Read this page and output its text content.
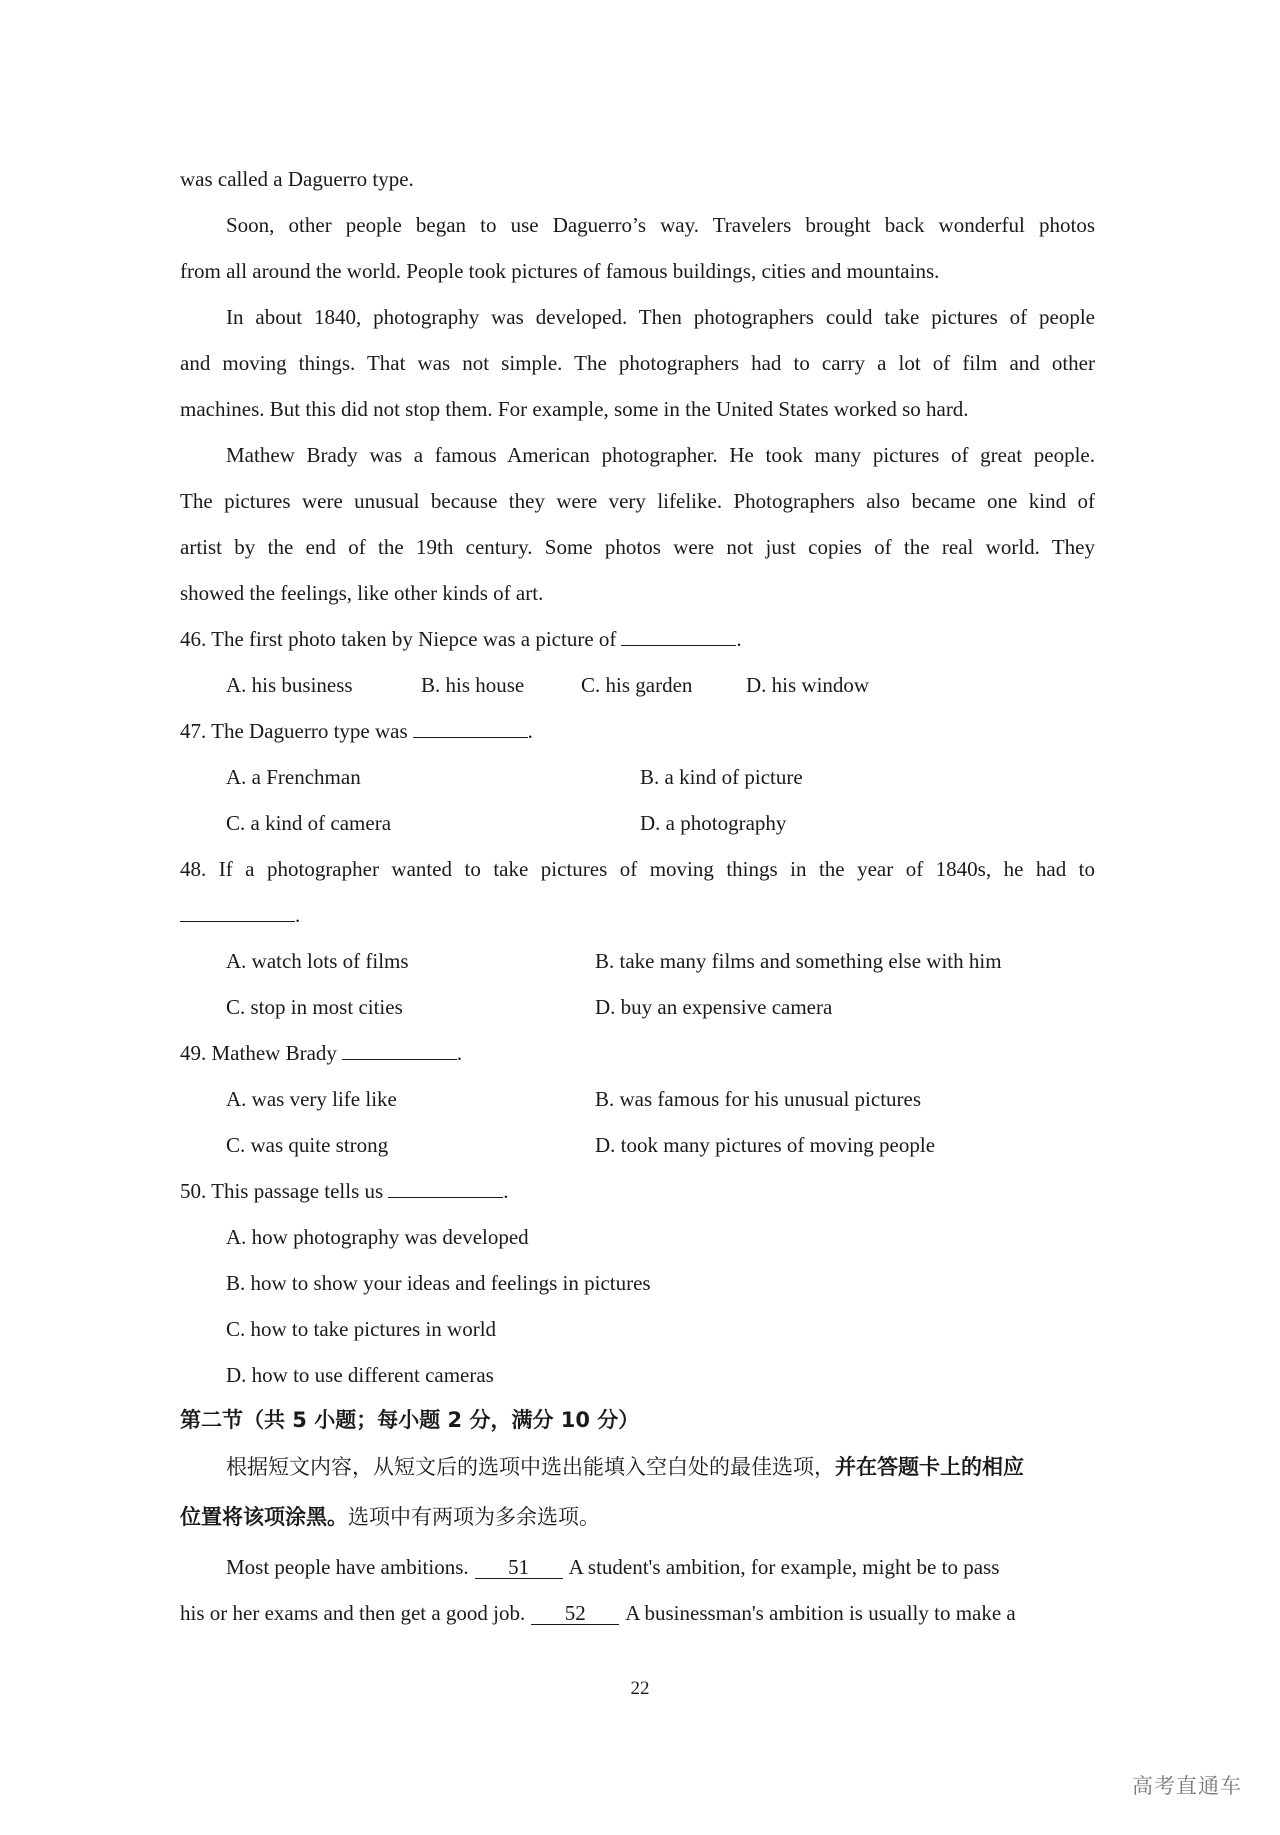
was called a Daguerro type.
Soon, other people began to use Daguerro’s way. Travelers brought back wonderful photos
from all around the world. People took pictures of famous buildings, cities and mountains.
In about 1840, photography was developed. Then photographers could take pictures of people
and moving things. That was not simple. The photographers had to carry a lot of film and other
machines. But this did not stop them. For example, some in the United States worked so hard.
Mathew Brady was a famous American photographer. He took many pictures of great people.
The pictures were unusual because they were very lifelike. Photographers also became one kind of
artist by the end of the 19th century. Some photos were not just copies of the real world. They
showed the feelings, like other kinds of art.
46. The first photo taken by Niepce was a picture of	.
A. his business	B. his house	C. his garden	D. his window
47. The Daguerro type was	.
A. a Frenchman	B. a kind of picture
C. a kind of camera	D. a photography
48. If a photographer wanted to take pictures of moving things in the year of 1840s, he had to
.
A. watch lots of films	B. take many films and something else with him
C. stop in most cities	D. buy an expensive camera
49. Mathew Brady	.
A. was very life like	B. was famous for his unusual pictures
C. was quite strong	D. took many pictures of moving people
50. This passage tells us	.
A. how photography was developed
B. how to show your ideas and feelings in pictures
C. how to take pictures in world
D. how to use different cameras
第二节（共 5 小题；每小题 2 分，满分 10 分）
根据短文内容，从短文后的选项中选出能填入空白处的最佳选项，并在答题卡上的相应
位置将该项涂黑。选项中有两项为多余选项。
Most people have ambitions. 51 A student's ambition, for example, might be to pass
his or her exams and then get a good job. 52 A businessman's ambition is usually to make a
22
高考直通车
